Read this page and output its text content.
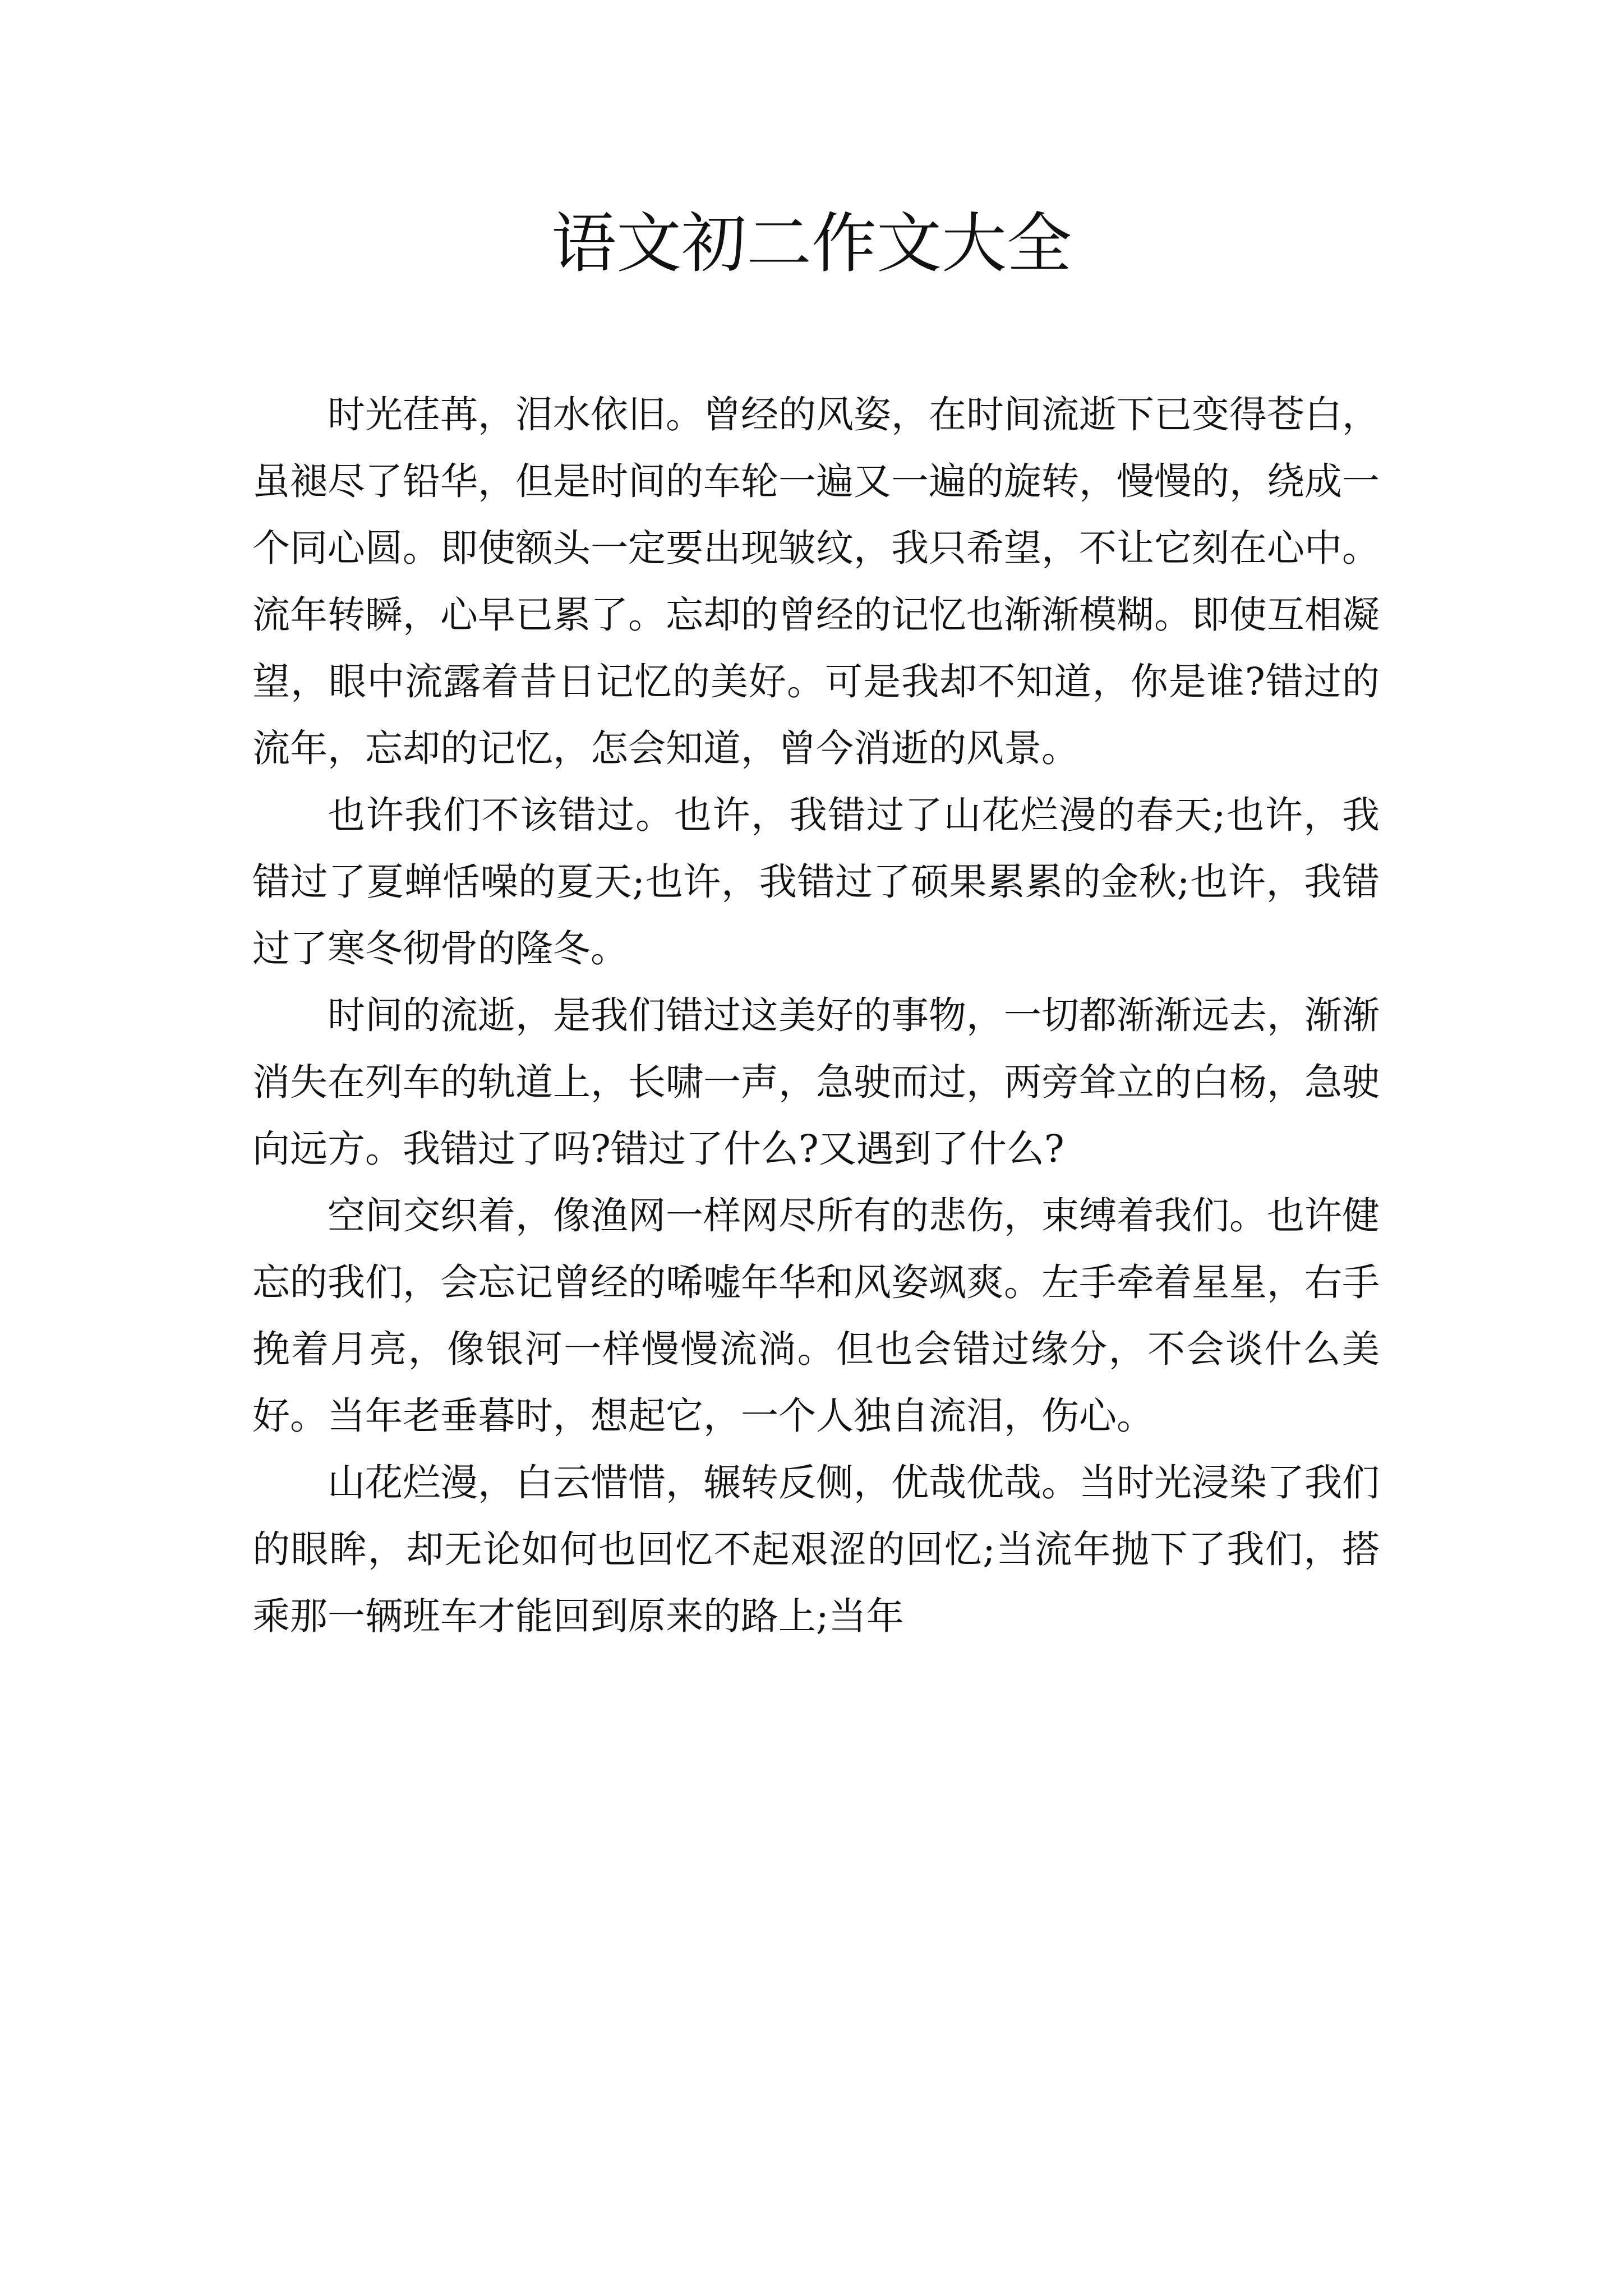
语文初二作文大全

时光荏苒，泪水依旧。曾经的风姿，在时间流逝下已变得苍白，虽褪尽了铅华，但是时间的车轮一遍又一遍的旋转，慢慢的，绕成一个同心圆。即使额头一定要出现皱纹，我只希望，不让它刻在心中。流年转瞬，心早已累了。忘却的曾经的记忆也渐渐模糊。即使互相凝望，眼中流露着昔日记忆的美好。可是我却不知道，你是谁?错过的流年，忘却的记忆，怎会知道，曾今消逝的风景。

也许我们不该错过。也许，我错过了山花烂漫的春天;也许，我错过了夏蝉恬噪的夏天;也许，我错过了硕果累累的金秋;也许，我错过了寒冬彻骨的隆冬。

时间的流逝，是我们错过这美好的事物，一切都渐渐远去，渐渐消失在列车的轨道上，长啸一声，急驶而过，两旁耸立的白杨，急驶向远方。我错过了吗?错过了什么?又遇到了什么?

空间交织着，像渔网一样网尽所有的悲伤，束缚着我们。也许健忘的我们，会忘记曾经的唏嘘年华和风姿飒爽。左手牵着星星，右手挽着月亮，像银河一样慢慢流淌。但也会错过缘分，不会谈什么美好。当年老垂暮时，想起它，一个人独自流泪，伤心。

山花烂漫，白云惜惜，辗转反侧，优哉优哉。当时光浸染了我们的眼眸，却无论如何也回忆不起艰涩的回忆;当流年抛下了我们，搭乘那一辆班车才能回到原来的路上;当年
